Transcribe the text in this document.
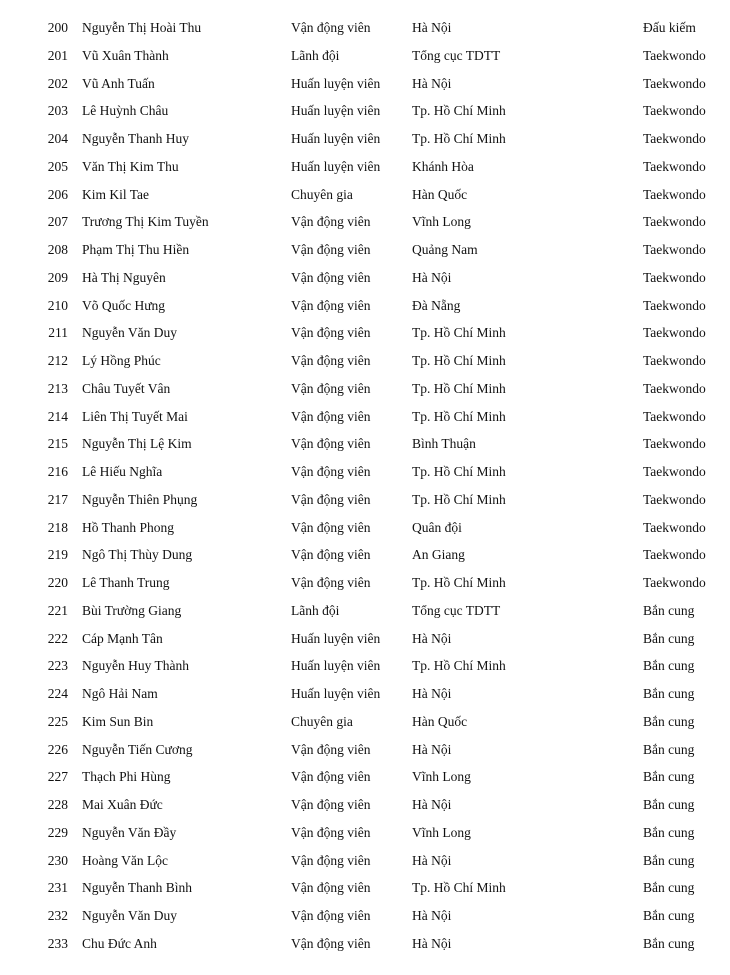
200	Nguyễn Thị Hoài Thu	Vận động viên	Hà Nội	Đấu kiếm
201	Vũ Xuân Thành	Lãnh đội	Tổng cục TDTT	Taekwondo
202	Vũ Anh Tuấn	Huấn luyện viên	Hà Nội	Taekwondo
203	Lê Huỳnh Châu	Huấn luyện viên	Tp. Hồ Chí Minh	Taekwondo
204	Nguyễn Thanh Huy	Huấn luyện viên	Tp. Hồ Chí Minh	Taekwondo
205	Văn Thị Kim Thu	Huấn luyện viên	Khánh Hòa	Taekwondo
206	Kim Kil Tae	Chuyên gia	Hàn Quốc	Taekwondo
207	Trương Thị Kim Tuyền	Vận động viên	Vĩnh Long	Taekwondo
208	Phạm Thị Thu Hiền	Vận động viên	Quảng Nam	Taekwondo
209	Hà Thị Nguyên	Vận động viên	Hà Nội	Taekwondo
210	Võ Quốc Hưng	Vận động viên	Đà Nẵng	Taekwondo
211	Nguyễn Văn Duy	Vận động viên	Tp. Hồ Chí Minh	Taekwondo
212	Lý Hồng Phúc	Vận động viên	Tp. Hồ Chí Minh	Taekwondo
213	Châu Tuyết Vân	Vận động viên	Tp. Hồ Chí Minh	Taekwondo
214	Liên Thị Tuyết Mai	Vận động viên	Tp. Hồ Chí Minh	Taekwondo
215	Nguyễn Thị Lệ Kim	Vận động viên	Bình Thuận	Taekwondo
216	Lê Hiếu Nghĩa	Vận động viên	Tp. Hồ Chí Minh	Taekwondo
217	Nguyễn Thiên Phụng	Vận động viên	Tp. Hồ Chí Minh	Taekwondo
218	Hồ Thanh Phong	Vận động viên	Quân đội	Taekwondo
219	Ngô Thị Thùy Dung	Vận động viên	An Giang	Taekwondo
220	Lê Thanh Trung	Vận động viên	Tp. Hồ Chí Minh	Taekwondo
221	Bùi Trường Giang	Lãnh đội	Tổng cục TDTT	Bắn cung
222	Cáp Mạnh Tân	Huấn luyện viên	Hà Nội	Bắn cung
223	Nguyễn Huy Thành	Huấn luyện viên	Tp. Hồ Chí Minh	Bắn cung
224	Ngô Hải Nam	Huấn luyện viên	Hà Nội	Bắn cung
225	Kim Sun Bin	Chuyên gia	Hàn Quốc	Bắn cung
226	Nguyễn Tiến Cương	Vận động viên	Hà Nội	Bắn cung
227	Thạch Phi Hùng	Vận động viên	Vĩnh Long	Bắn cung
228	Mai Xuân Đức	Vận động viên	Hà Nội	Bắn cung
229	Nguyễn Văn Đầy	Vận động viên	Vĩnh Long	Bắn cung
230	Hoàng Văn Lộc	Vận động viên	Hà Nội	Bắn cung
231	Nguyễn Thanh Bình	Vận động viên	Tp. Hồ Chí Minh	Bắn cung
232	Nguyễn Văn Duy	Vận động viên	Hà Nội	Bắn cung
233	Chu Đức Anh	Vận động viên	Hà Nội	Bắn cung
